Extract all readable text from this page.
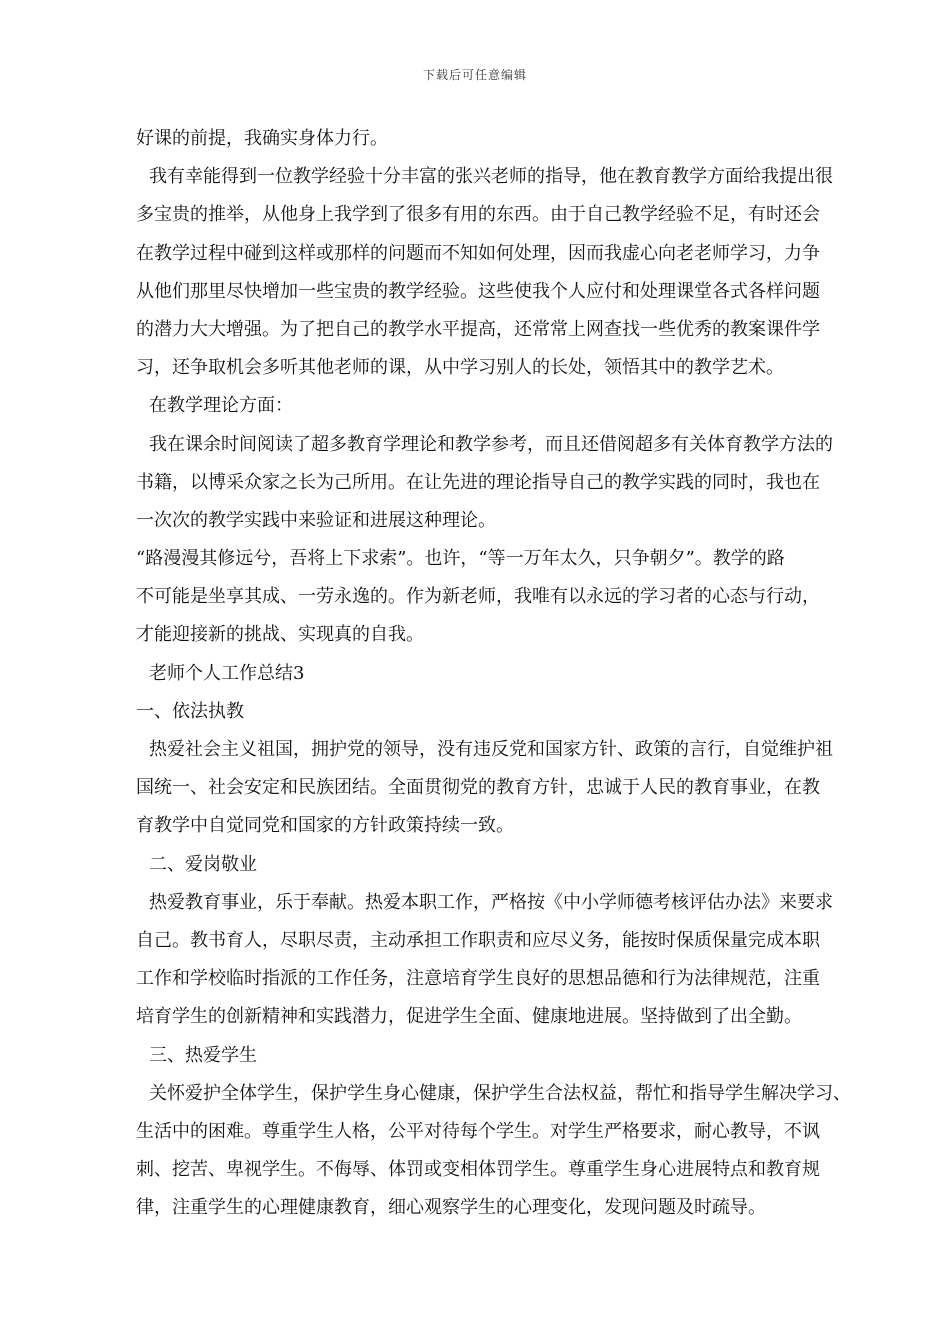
下载后可任意编辑
好课的前提，我确实身体力行。
我有幸能得到一位教学经验十分丰富的张兴老师的指导，他在教育教学方面给我提出很
多宝贵的推举，从他身上我学到了很多有用的东西。由于自己教学经验不足，有时还会
在教学过程中碰到这样或那样的问题而不知如何处理，因而我虚心向老老师学习，力争
从他们那里尽快增加一些宝贵的教学经验。这些使我个人应付和处理课堂各式各样问题
的潜力大大增强。为了把自己的教学水平提高，还常常上网查找一些优秀的教案课件学
习，还争取机会多听其他老师的课，从中学习别人的长处，领悟其中的教学艺术。
在教学理论方面：
我在课余时间阅读了超多教育学理论和教学参考，而且还借阅超多有关体育教学方法的
书籍，以博采众家之长为己所用。在让先进的理论指导自己的教学实践的同时，我也在
一次次的教学实践中来验证和进展这种理论。
“路漫漫其修远兮，吾将上下求索”。也许，“等一万年太久，只争朝夕”。教学的路
不可能是坐享其成、一劳永逸的。作为新老师，我唯有以永远的学习者的心态与行动，
才能迎接新的挑战、实现真的自我。
老师个人工作总结3
一、依法执教
热爱社会主义祖国，拥护党的领导，没有违反党和国家方针、政策的言行，自觉维护祖
国统一、社会安定和民族团结。全面贯彻党的教育方针，忠诚于人民的教育事业，在教
育教学中自觉同党和国家的方针政策持续一致。
二、爱岗敬业
热爱教育事业，乐于奉献。热爱本职工作，严格按《中小学师德考核评估办法》来要求
自己。教书育人，尽职尽责，主动承担工作职责和应尽义务，能按时保质保量完成本职
工作和学校临时指派的工作任务，注意培育学生良好的思想品德和行为法律规范，注重
培育学生的创新精神和实践潜力，促进学生全面、健康地进展。坚持做到了出全勤。
三、热爱学生
关怀爱护全体学生，保护学生身心健康，保护学生合法权益，帮忙和指导学生解决学习、
生活中的困难。尊重学生人格，公平对待每个学生。对学生严格要求，耐心教导，不讽
刺、挖苦、卑视学生。不侮辱、体罚或变相体罚学生。尊重学生身心进展特点和教育规
律，注重学生的心理健康教育，细心观察学生的心理变化，发现问题及时疏导。
